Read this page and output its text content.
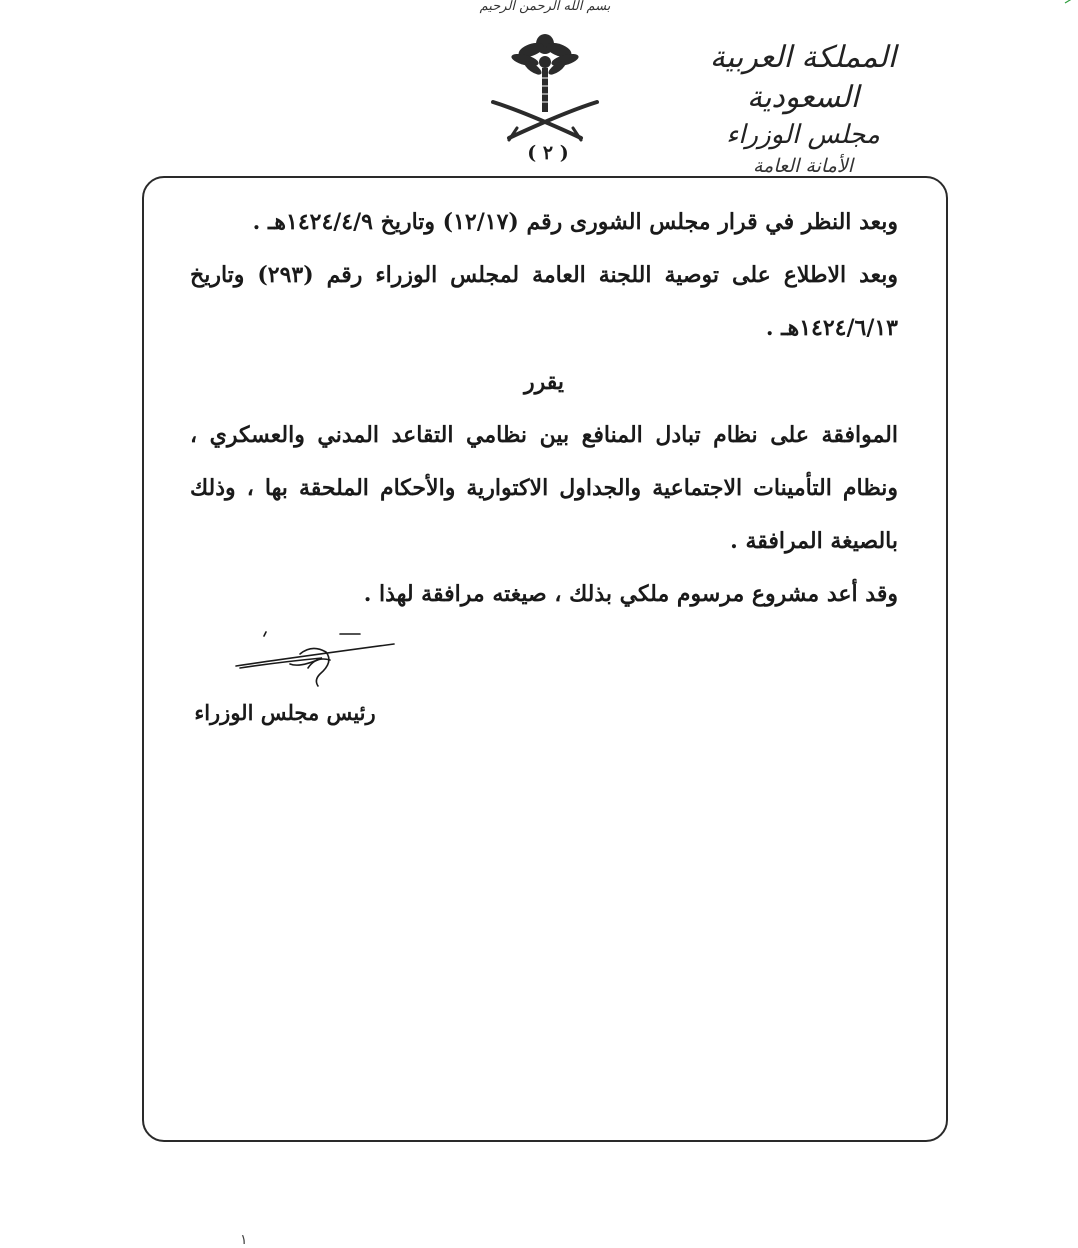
بسم الله الرحمن الرحيم
المملكة العربية السعودية
مجلس الوزراء
الأمانة العامة
( ٢ )

وبعد النظر في قرار مجلس الشورى رقم (١٢/١٧) وتاريخ ١٤٢٤/٤/٩هـ .

وبعد الاطلاع على توصية اللجنة العامة لمجلس الوزراء رقم (٢٩٣) وتاريخ ١٤٢٤/٦/١٣هـ .

يقرر

الموافقة على نظام تبادل المنافع بين نظامي التقاعد المدني والعسكري ، ونظام التأمينات الاجتماعية والجداول الاكتوارية والأحكام الملحقة بها ، وذلك بالصيغة المرافقة .

وقد أعد مشروع مرسوم ملكي بذلك ، صيغته مرافقة لهذا .

رئيس مجلس الوزراء
١
